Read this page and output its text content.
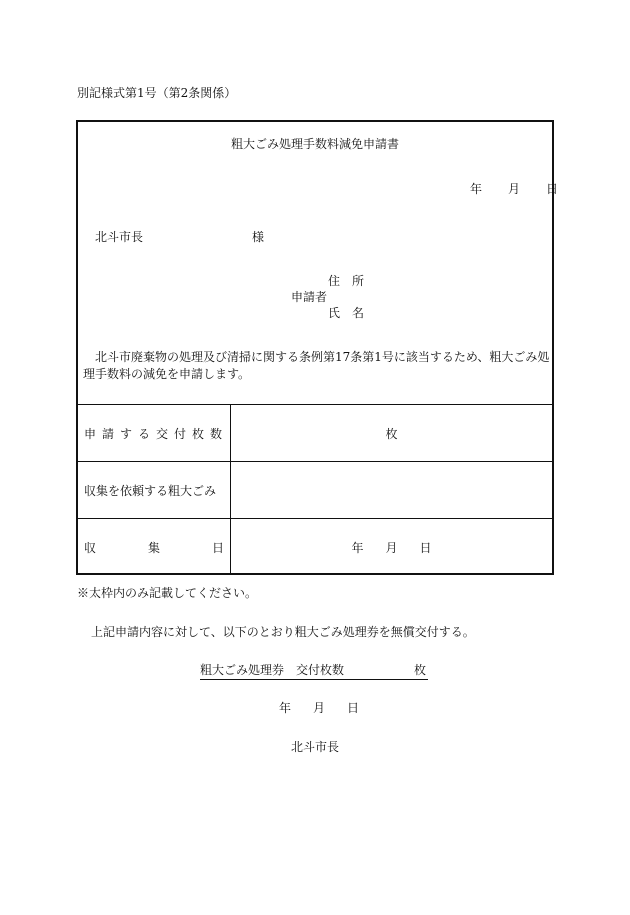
別記様式第1号（第2条関係）
粗大ごみ処理手数料減免申請書
年 月 日
北斗市長	様
住　所
申請者
氏　名
　北斗市廃棄物の処理及び清掃に関する条例第17条第1号に該当するため、粗大ごみ処理手数料の減免を申請します。
申請する交付枚数	枚
収集を依頼する粗大ごみ	

収 集 日	年 月 日
※太枠内のみ記載してください。
上記申請内容に対して、以下のとおり粗大ごみ処理券を無償交付する。
粗大ごみ処理券　交付枚数	枚
年 月 日
北斗市長
